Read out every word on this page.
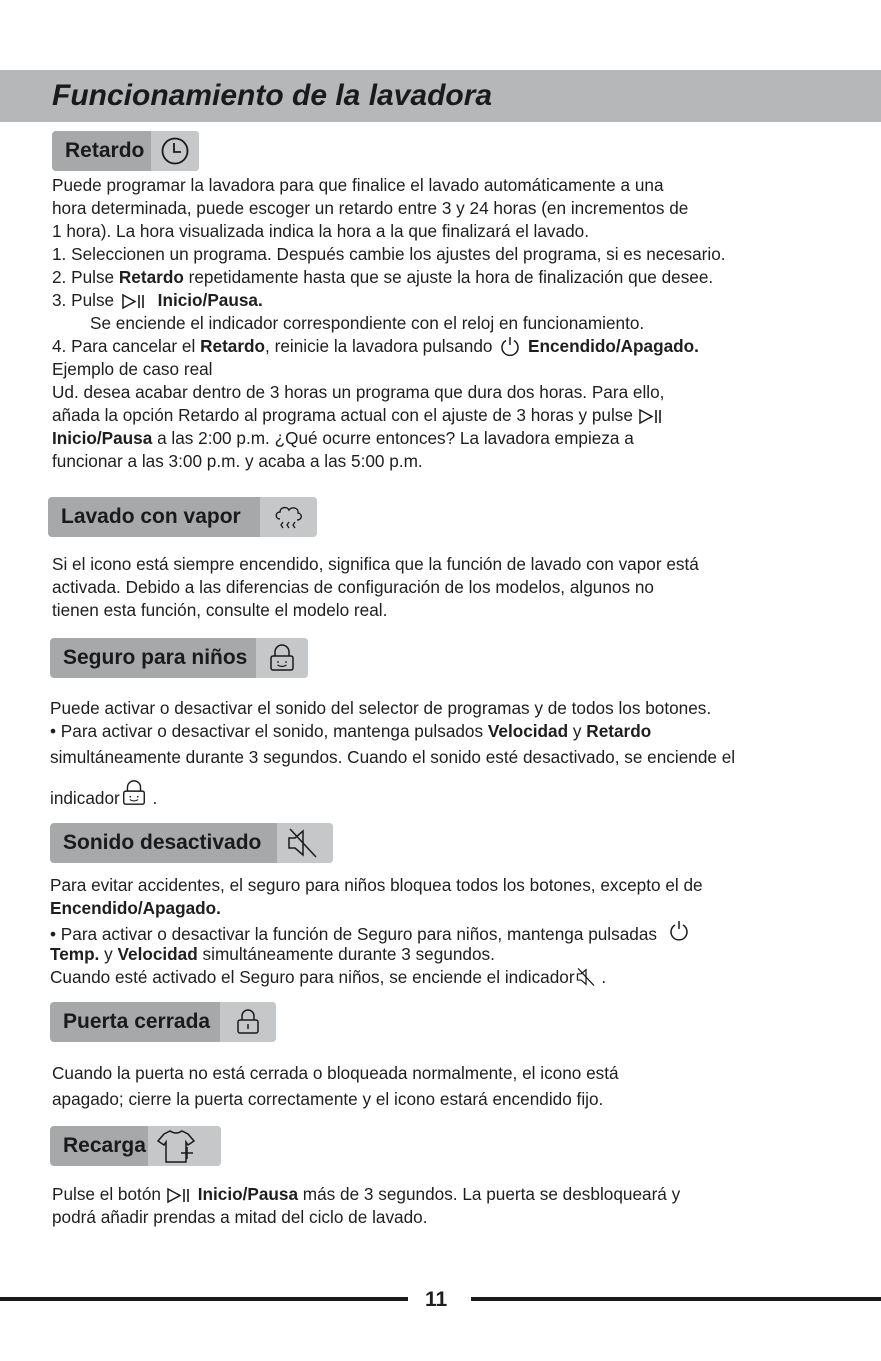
Funcionamiento de la lavadora
Retardo
Puede programar la lavadora para que finalice el lavado automáticamente a una
hora determinada, puede escoger un retardo entre 3 y 24 horas (en incrementos de
1 hora). La hora visualizada indica la hora a la que finalizará el lavado.
1. Seleccionen un programa. Después cambie los ajustes del programa, si es necesario.
2. Pulse Retardo repetidamente hasta que se ajuste la hora de finalización que desee.
3. Pulse  Inicio/Pausa.
Se enciende el indicador correspondiente con el reloj en funcionamiento.
4. Para cancelar el Retardo, reinicie la lavadora pulsando  Encendido/Apagado.
Ejemplo de caso real
Ud. desea acabar dentro de 3 horas un programa que dura dos horas. Para ello,
añada la opción Retardo al programa actual con el ajuste de 3 horas y pulse
Inicio/Pausa a las 2:00 p.m. ¿Qué ocurre entonces? La lavadora empieza a
funcionar a las 3:00 p.m. y acaba a las 5:00 p.m.
Lavado con vapor
Si el icono está siempre encendido, significa que la función de lavado con vapor está
activada. Debido a las diferencias de configuración de los modelos, algunos no
tienen esta función, consulte el modelo real.
Seguro para niños
Puede activar o desactivar el sonido del selector de programas y de todos los botones.
• Para activar o desactivar el sonido, mantenga pulsados Velocidad y Retardo
simultáneamente durante 3 segundos. Cuando el sonido esté desactivado, se enciende el
indicador .
Sonido desactivado
Para evitar accidentes, el seguro para niños bloquea todos los botones, excepto el de
Encendido/Apagado.
• Para activar o desactivar la función de Seguro para niños, mantenga pulsadas
Temp. y Velocidad simultáneamente durante 3 segundos.
Cuando esté activado el Seguro para niños, se enciende el indicador .
Puerta cerrada
Cuando la puerta no está cerrada o bloqueada normalmente, el icono está
apagado; cierre la puerta correctamente y el icono estará encendido fijo.
Recarga
Pulse el botón Inicio/Pausa más de 3 segundos. La puerta se desbloqueará y
podrá añadir prendas a mitad del ciclo de lavado.
11
